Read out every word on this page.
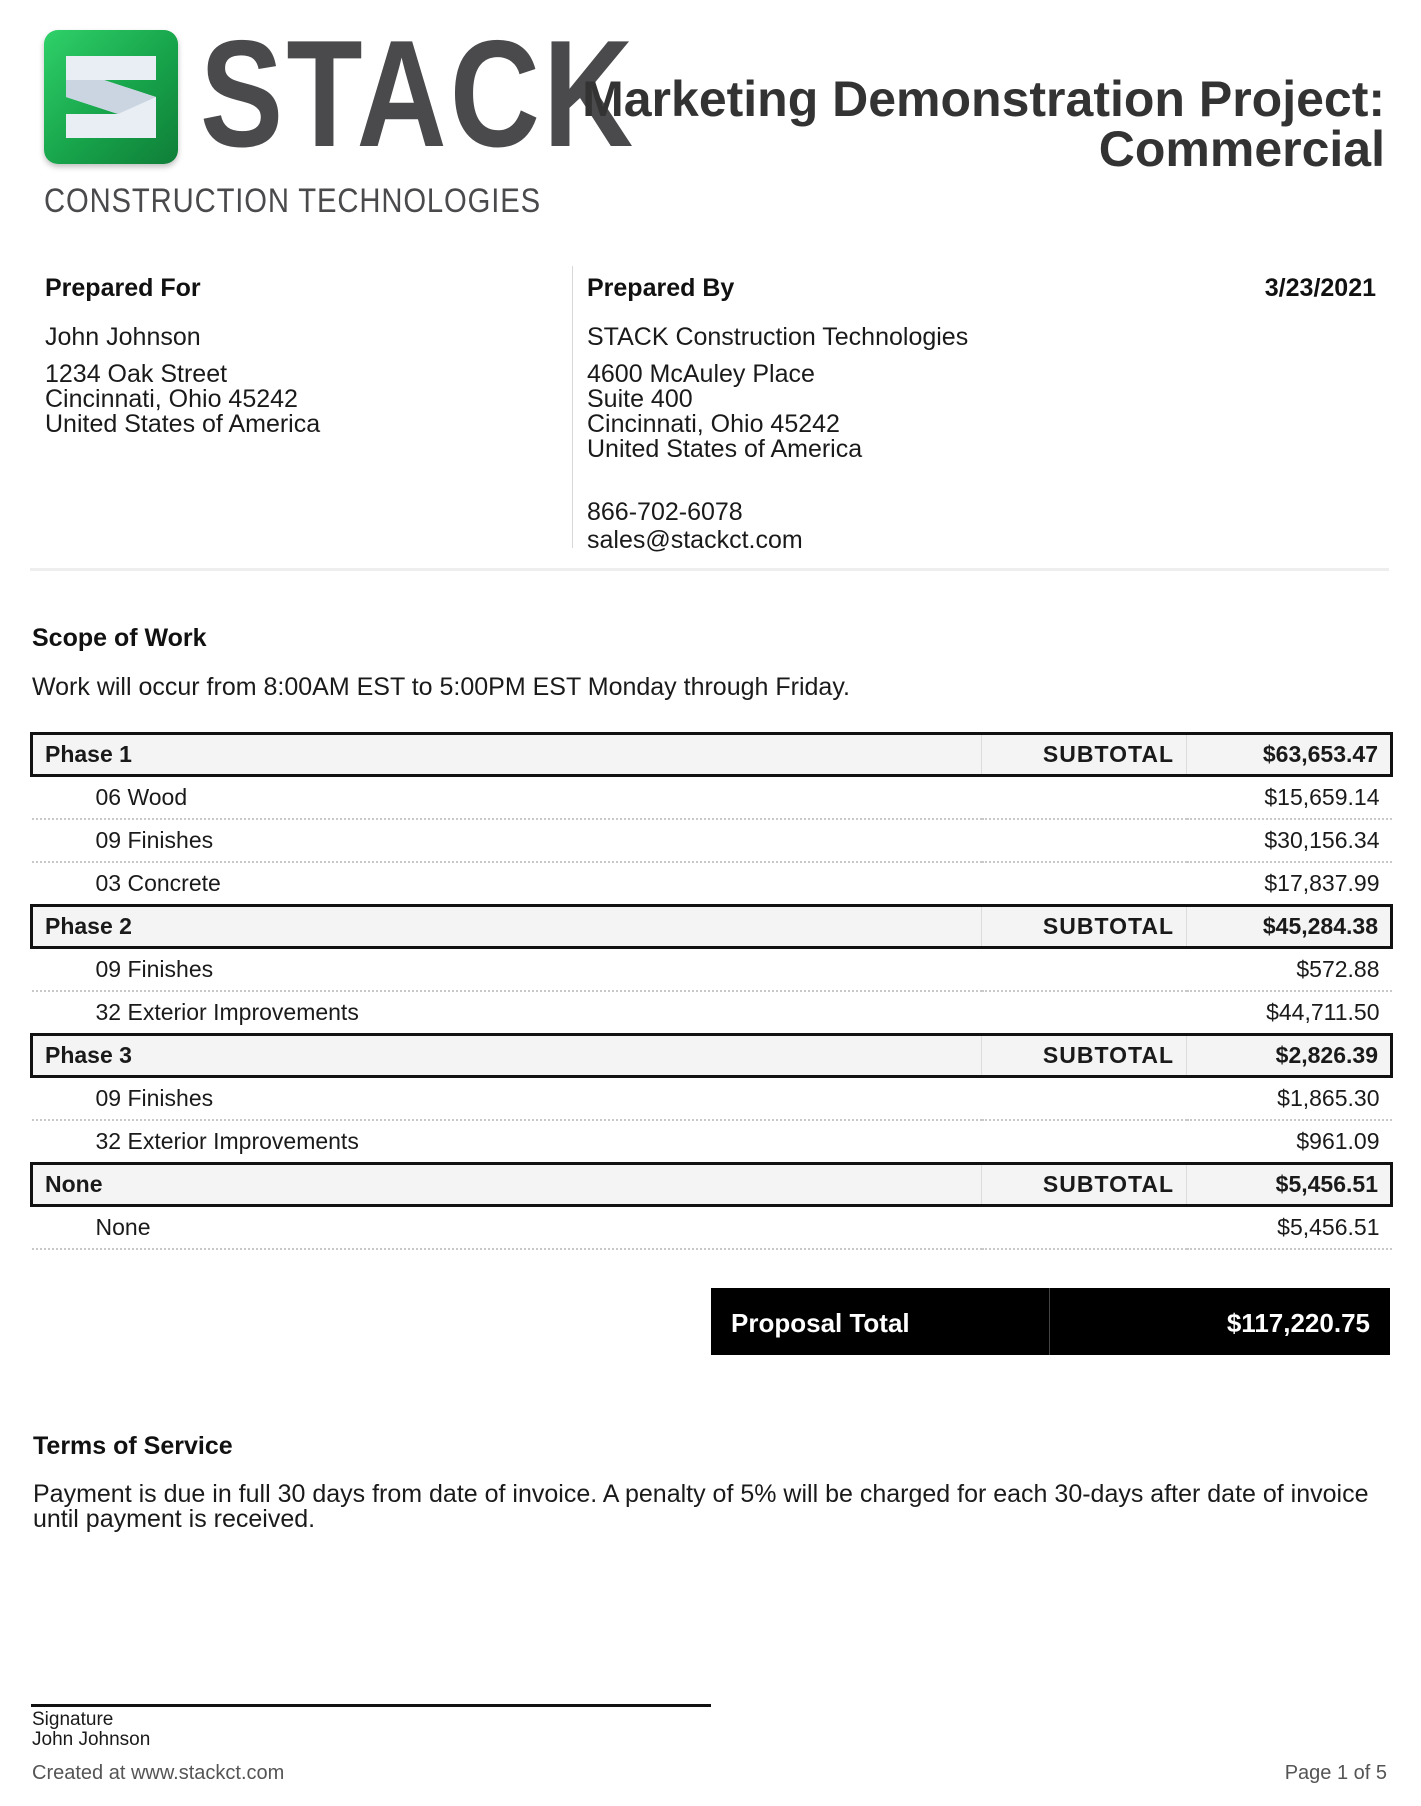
STACK
CONSTRUCTION TECHNOLOGIES
Marketing Demonstration Project:
Commercial
Prepared For
John Johnson
1234 Oak Street
Cincinnati, Ohio 45242
United States of America
Prepared By	3/23/2021
STACK Construction Technologies
4600 McAuley Place
Suite 400
Cincinnati, Ohio 45242
United States of America
866-702-6078
sales@stackct.com
Scope of Work
Work will occur from 8:00AM EST to 5:00PM EST Monday through Friday.
Phase 1		SUBTOTAL	$63,653.47
06 Wood			$15,659.14
09 Finishes			$30,156.34
03 Concrete			$17,837.99
Phase 2		SUBTOTAL	$45,284.38
09 Finishes			$572.88
32 Exterior Improvements			$44,711.50
Phase 3		SUBTOTAL	$2,826.39
09 Finishes			$1,865.30
32 Exterior Improvements			$961.09
None		SUBTOTAL	$5,456.51
None			$5,456.51
Proposal Total	$117,220.75
Terms of Service
Payment is due in full 30 days from date of invoice. A penalty of 5% will be charged for each 30-days after date of invoice until payment is received.
Signature
John Johnson
Created at www.stackct.com	Page 1 of 5
